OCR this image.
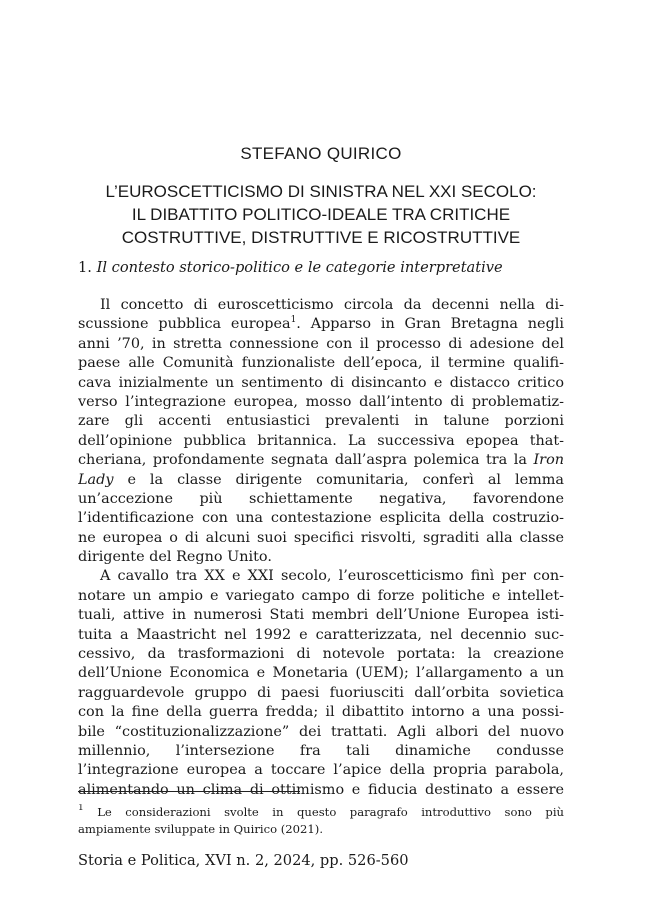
STEFANO QUIRICO
L’EUROSCETTICISMO DI SINISTRA NEL XXI SECOLO:
IL DIBATTITO POLITICO-IDEALE TRA CRITICHE
COSTRUTTIVE, DISTRUTTIVE E RICOSTRUTTIVE
1. Il contesto storico-politico e le categorie interpretative
Il concetto di euroscetticismo circola da decenni nella di-
scussione pubblica europea$^1$. Apparso in Gran Bretagna negli
anni ’70, in stretta connessione con il processo di adesione del
paese alle Comunità funzionaliste dell’epoca, il termine qualifi-
cava inizialmente un sentimento di disincanto e distacco critico
verso l’integrazione europea, mosso dall’intento di problematiz-
zare gli accenti entusiastici prevalenti in talune porzioni
dell’opinione pubblica britannica. La successiva epopea that-
cheriana, profondamente segnata dall’aspra polemica tra la Iron
Lady e la classe dirigente comunitaria, conferì al lemma
un’accezione più schiettamente negativa, favorendone
l’identificazione con una contestazione esplicita della costruzio-
ne europea o di alcuni suoi specifici risvolti, sgraditi alla classe
dirigente del Regno Unito.
A cavallo tra XX e XXI secolo, l’euroscetticismo finì per con-
notare un ampio e variegato campo di forze politiche e intellet-
tuali, attive in numerosi Stati membri dell’Unione Europea isti-
tuita a Maastricht nel 1992 e caratterizzata, nel decennio suc-
cessivo, da trasformazioni di notevole portata: la creazione
dell’Unione Economica e Monetaria (UEM); l’allargamento a un
ragguardevole gruppo di paesi fuoriusciti dall’orbita sovietica
con la fine della guerra fredda; il dibattito intorno a una possi-
bile “costituzionalizzazione” dei trattati. Agli albori del nuovo
millennio, l’intersezione fra tali dinamiche condusse
l’integrazione europea a toccare l’apice della propria parabola,
alimentando un clima di ottimismo e fiducia destinato a essere
$^1$ Le considerazioni svolte in questo paragrafo introduttivo sono più
ampiamente sviluppate in Quirico (2021).
Storia e Politica, XVI n. 2, 2024, pp. 526-560
